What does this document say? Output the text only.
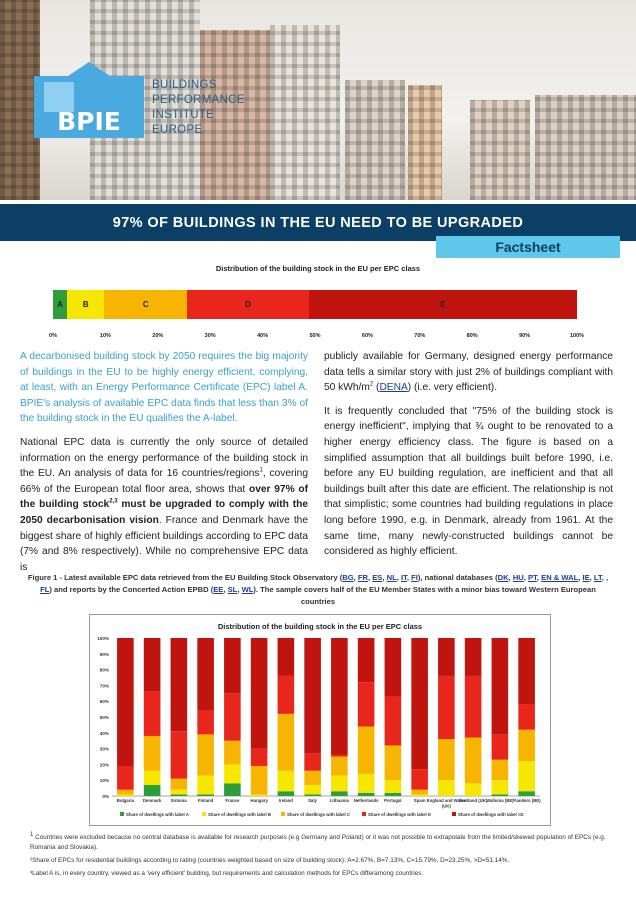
BPIE
BUILDINGS
PERFORMANCE
INSTITUTE
EUROPE
97% OF BUILDINGS IN THE EU NEED TO BE UPGRADED
Factsheet
Distribution of the building stock in the EU per EPC class
A	B	C	D	E
0%	10%	20%	30%	40%	50%	60%	70%	80%	90%	100%

A decarbonised building stock by 2050 requires the big majority of buildings in the EU to be highly energy efficient, complying, at least, with an Energy Performance Certificate (EPC) label A. BPIE's analysis of available EPC data finds that less than 3% of the building stock in the EU qualifies the A-label.

National EPC data is currently the only source of detailed information on the energy performance of the building stock in the EU. An analysis of data for 16 countries/regions$^1$, covering 66% of the European total floor area, shows that over 97% of the building stock$^{2,3}$ must be upgraded to comply with the 2050 decarbonisation vision. France and Denmark have the biggest share of highly efficient buildings according to EPC data (7% and 8% respectively). While no comprehensive EPC data is

publicly available for Germany, designed energy performance data tells a similar story with just 2% of buildings compliant with 50 kWh/$m^2$ (DENA) (i.e. very efficient).

It is frequently concluded that "75% of the building stock is energy inefficient", implying that ¾ ought to be renovated to a higher energy efficiency class. The figure is based on a simplified assumption that all buildings built before 1990, i.e. before any EU building regulation, are inefficient and that all buildings built after this date are efficient. The relationship is not that simplistic; some countries had building regulations in place long before 1990, e.g. in Denmark, already from 1961. At the same time, many newly-constructed buildings cannot be considered as highly efficient.

Figure 1 - Latest available EPC data retrieved from the EU Building Stock Observatory (BG, FR, ES, NL, IT, FI), national databases (DK, HU, PT, EN & WAL, IE, LT, , FL) and reports by the Concerted Action EPBD (EE, SL, WL). The sample covers half of the EU Member States with a minor bias toward Western European countries
Distribution of the building stock in the EU per EPC class
0%
10%
20%
30%
40%
50%
60%
70%
80%
90%
100%
Bulgaria Denmark Estonia	Finland	France	Hungary	Ireland	Italy	Lithuania Netherlands Portugal	Spain England and Wales
(UK)
Scotland (UK)
Wallonia (BE) Flanders (BE)
Share of dwellings with label A	Share of dwellings with label B	Share of dwellings with label C	Share of dwellings with label D	Share of dwellings with label >D
$^1$ Countries were excluded because no central database is available for research purposes (e.g Germany and Poland) or it was not possible to extrapolate from the limited/skewed population of EPCs (e.g. Romania and Slovakia).
²Share of EPCs for residential buildings according to rating (countries weighted based on size of building stock): A=2.67%, B=7.13%, C=15.79%, D=23.25%, >D=51.14%.
³Label A is, in every country, viewed as a 'very efficient' building, but requirements and calculation methods for EPCs differamong countries.
